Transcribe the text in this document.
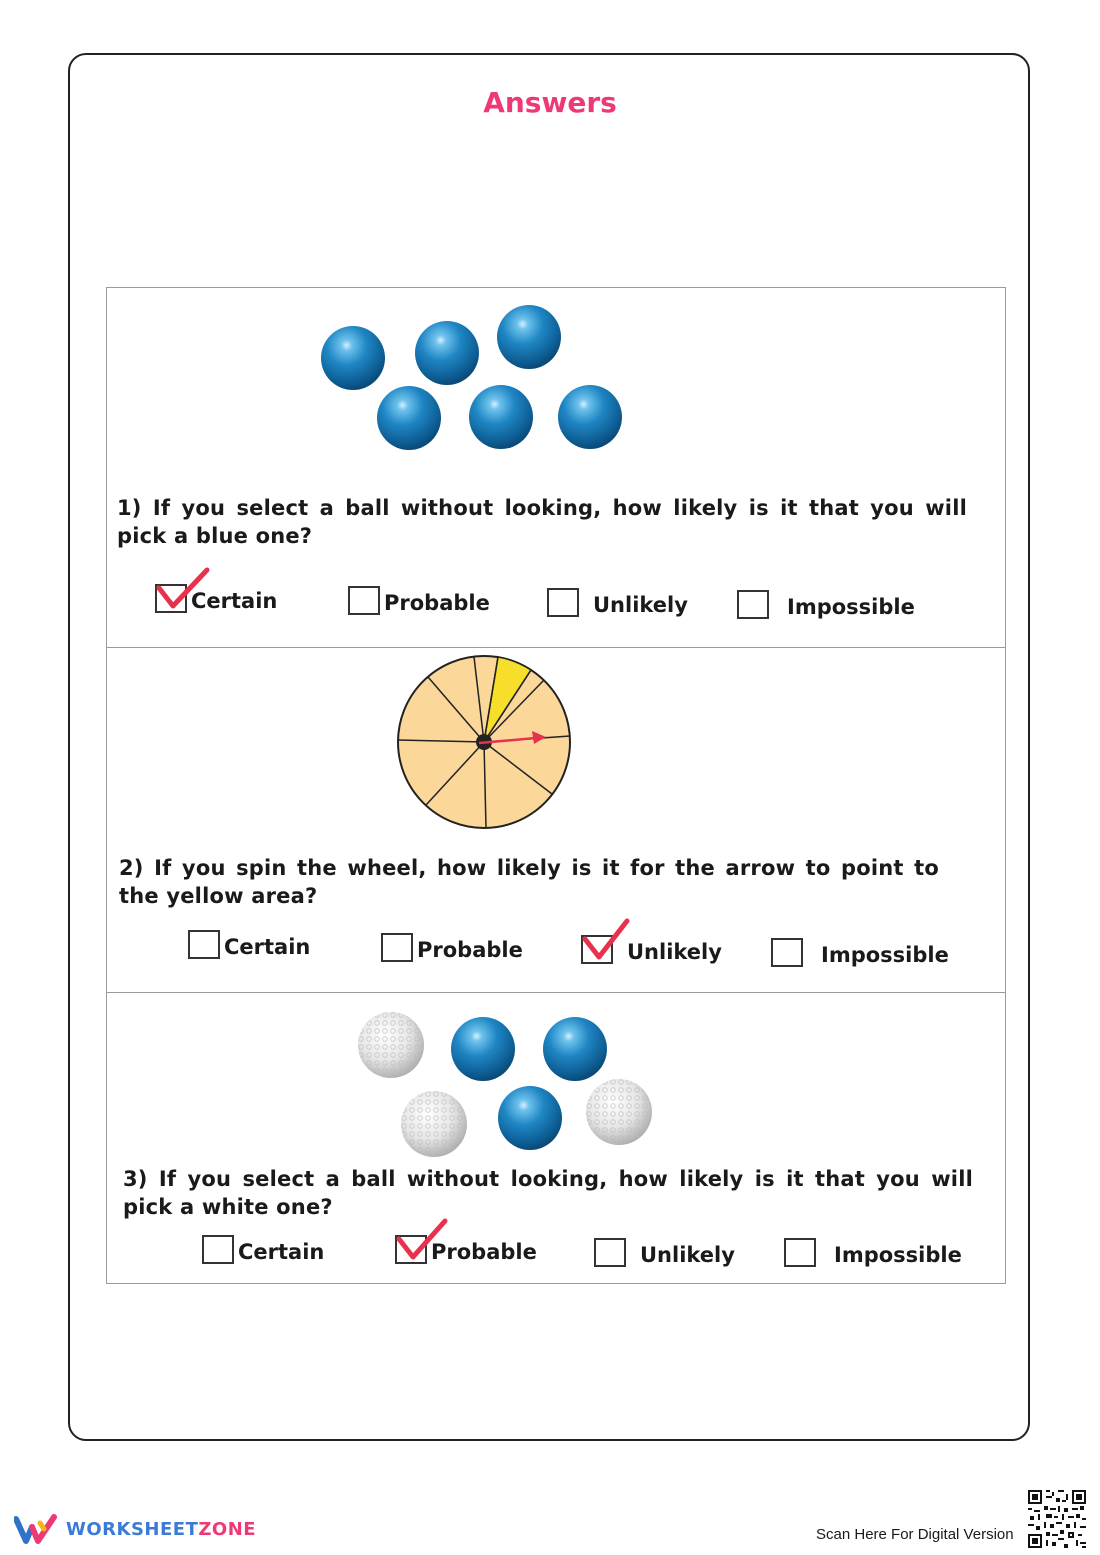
Answers
1) If you select a ball without looking, how likely is it that you will pick a blue one?
Certain	Probable	Unlikely	Impossible
2) If you spin the wheel, how likely is it for the arrow to point to the yellow area?
Certain	Probable	Unlikely	Impossible
3) If you select a ball without looking, how likely is it that you will pick a white one?
Certain	Probable	Unlikely	Impossible
WORKSHEETZONE	Scan Here For Digital Version
